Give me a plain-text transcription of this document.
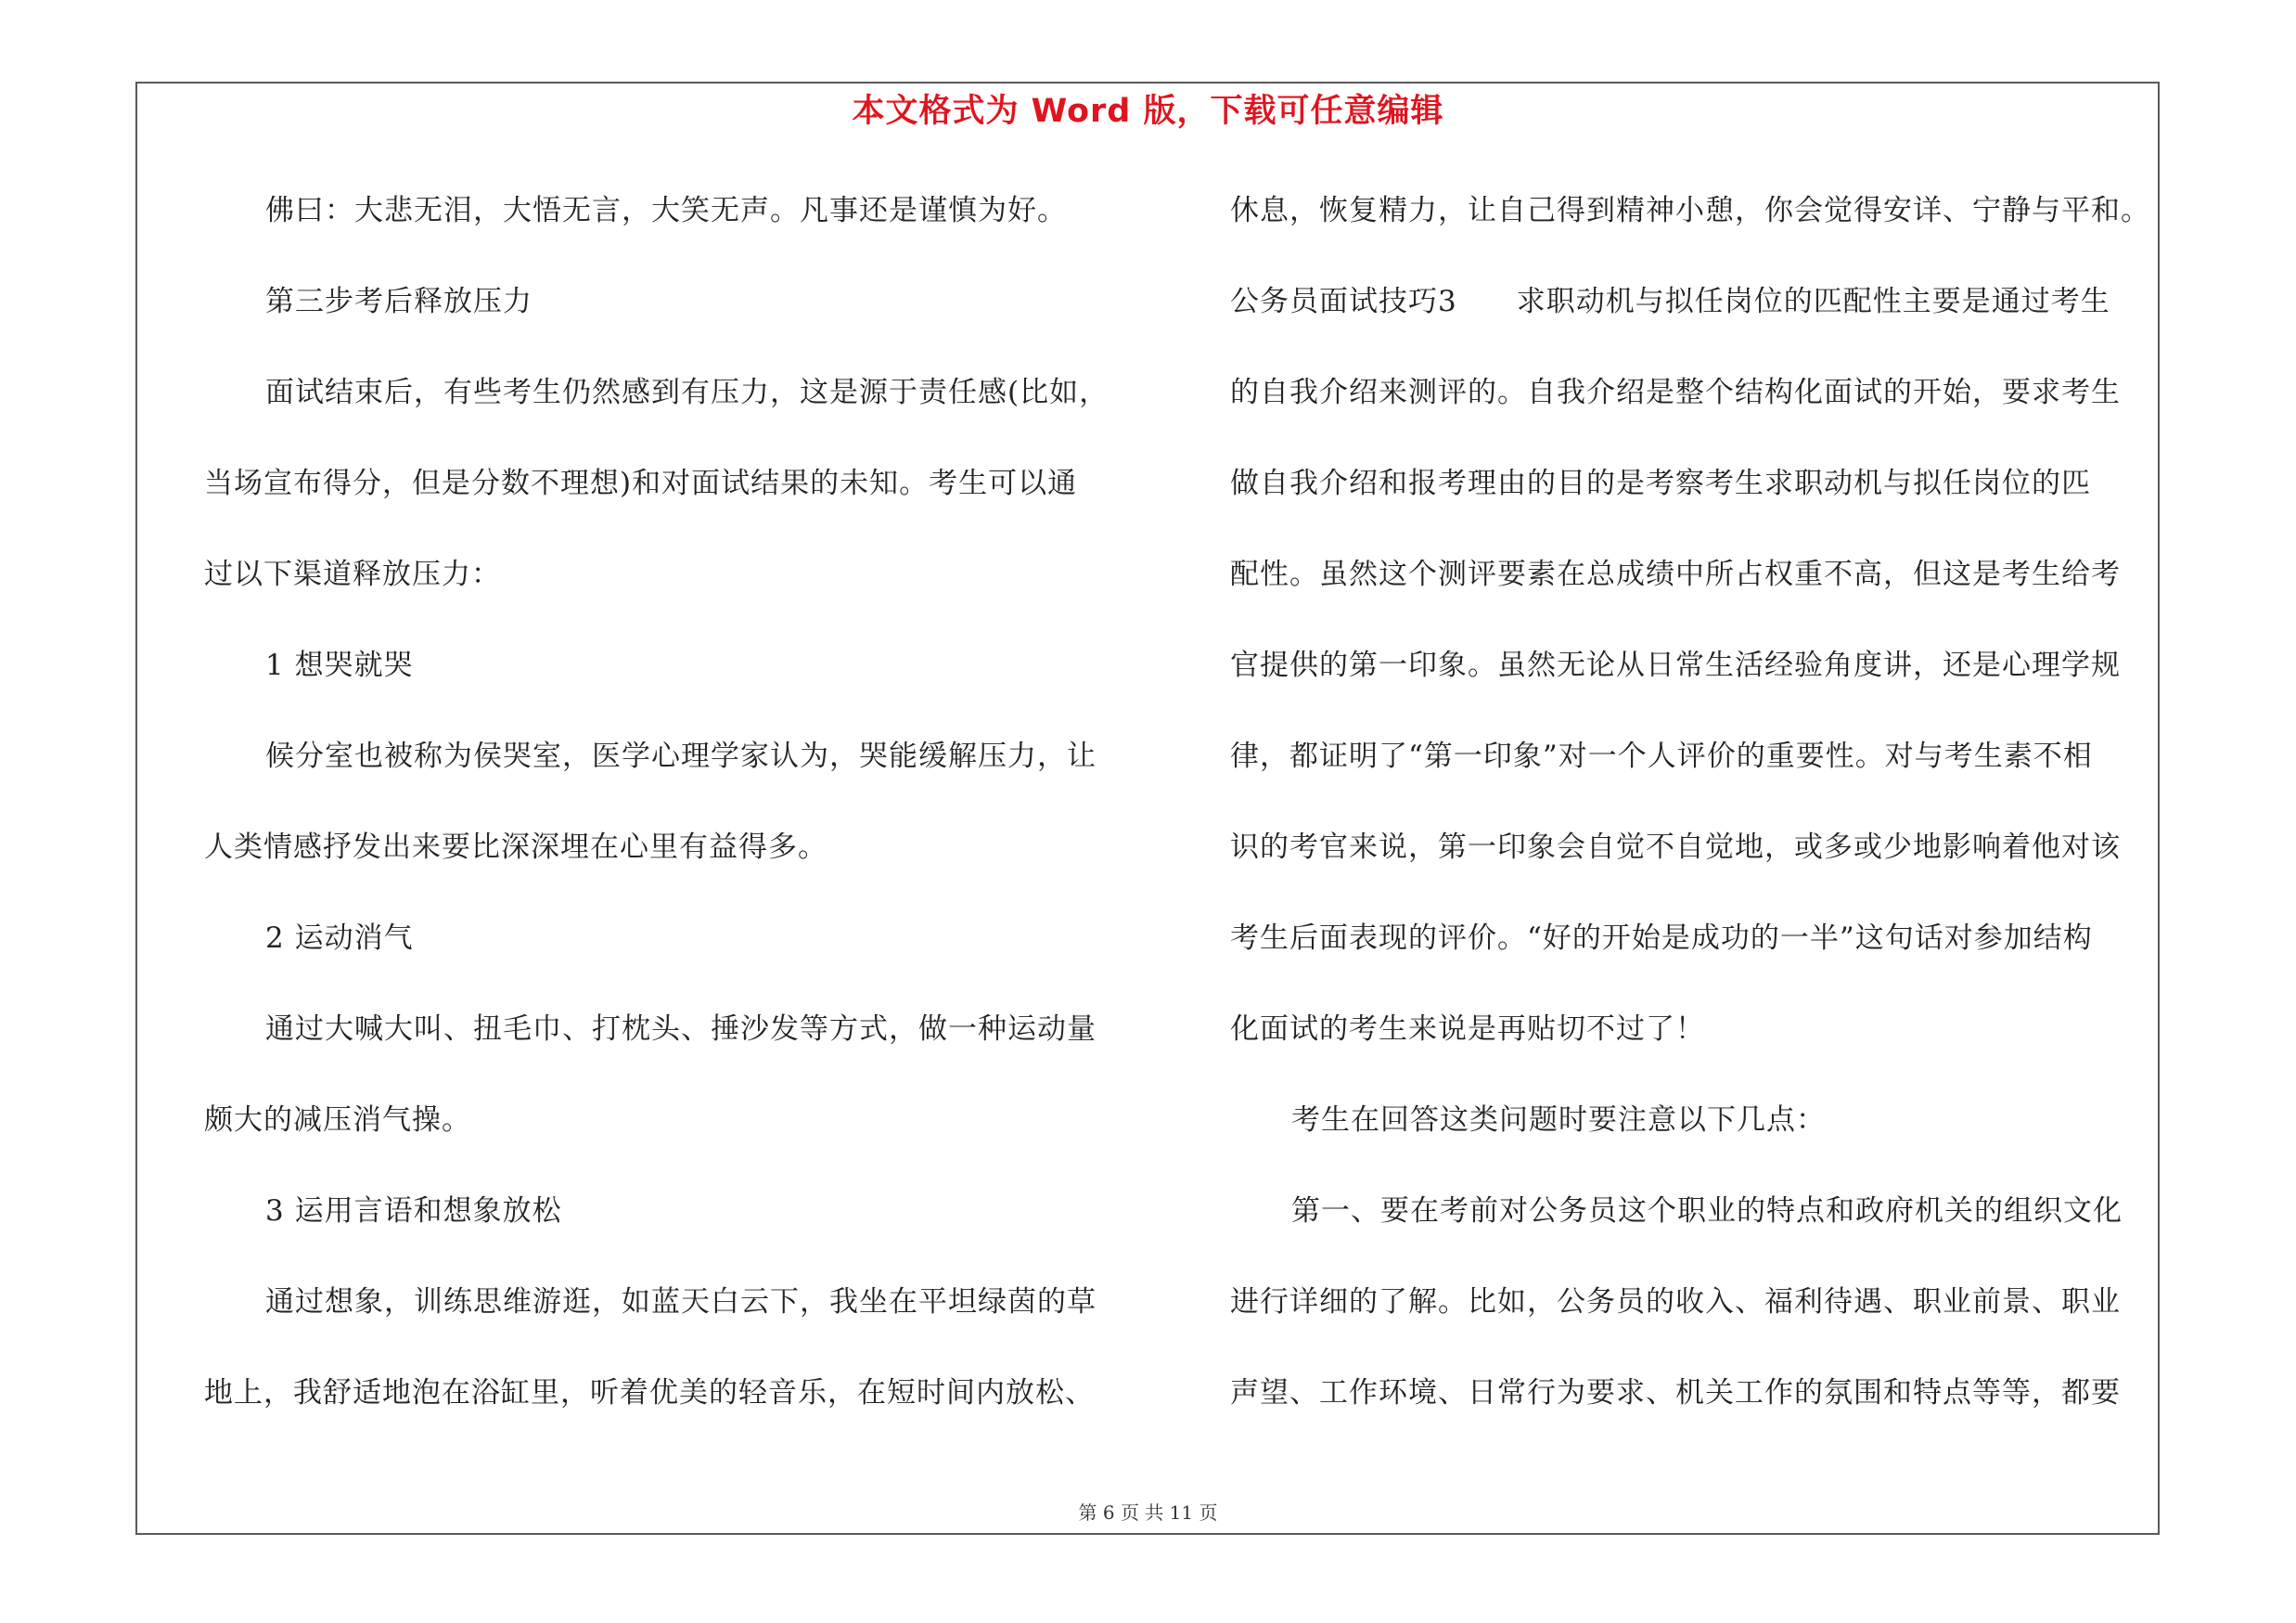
本文格式为 Word 版，下载可任意编辑
佛曰：大悲无泪，大悟无言，大笑无声。凡事还是谨慎为好。
第三步考后释放压力
面试结束后，有些考生仍然感到有压力，这是源于责任感(比如，
当场宣布得分，但是分数不理想)和对面试结果的未知。考生可以通
过以下渠道释放压力：
1 想哭就哭
候分室也被称为侯哭室，医学心理学家认为，哭能缓解压力，让
人类情感抒发出来要比深深埋在心里有益得多。
2 运动消气
通过大喊大叫、扭毛巾、打枕头、捶沙发等方式，做一种运动量
颇大的减压消气操。
3 运用言语和想象放松
通过想象，训练思维游逛，如蓝天白云下，我坐在平坦绿茵的草
地上，我舒适地泡在浴缸里，听着优美的轻音乐，在短时间内放松、
休息，恢复精力，让自己得到精神小憩，你会觉得安详、宁静与平和。
公务员面试技巧3　　求职动机与拟任岗位的匹配性主要是通过考生
的自我介绍来测评的。自我介绍是整个结构化面试的开始，要求考生
做自我介绍和报考理由的目的是考察考生求职动机与拟任岗位的匹
配性。虽然这个测评要素在总成绩中所占权重不高，但这是考生给考
官提供的第一印象。虽然无论从日常生活经验角度讲，还是心理学规
律，都证明了“第一印象”对一个人评价的重要性。对与考生素不相
识的考官来说，第一印象会自觉不自觉地，或多或少地影响着他对该
考生后面表现的评价。“好的开始是成功的一半”这句话对参加结构
化面试的考生来说是再贴切不过了！
考生在回答这类问题时要注意以下几点：
第一、要在考前对公务员这个职业的特点和政府机关的组织文化
进行详细的了解。比如，公务员的收入、福利待遇、职业前景、职业
声望、工作环境、日常行为要求、机关工作的氛围和特点等等，都要
第 6 页 共 11 页
